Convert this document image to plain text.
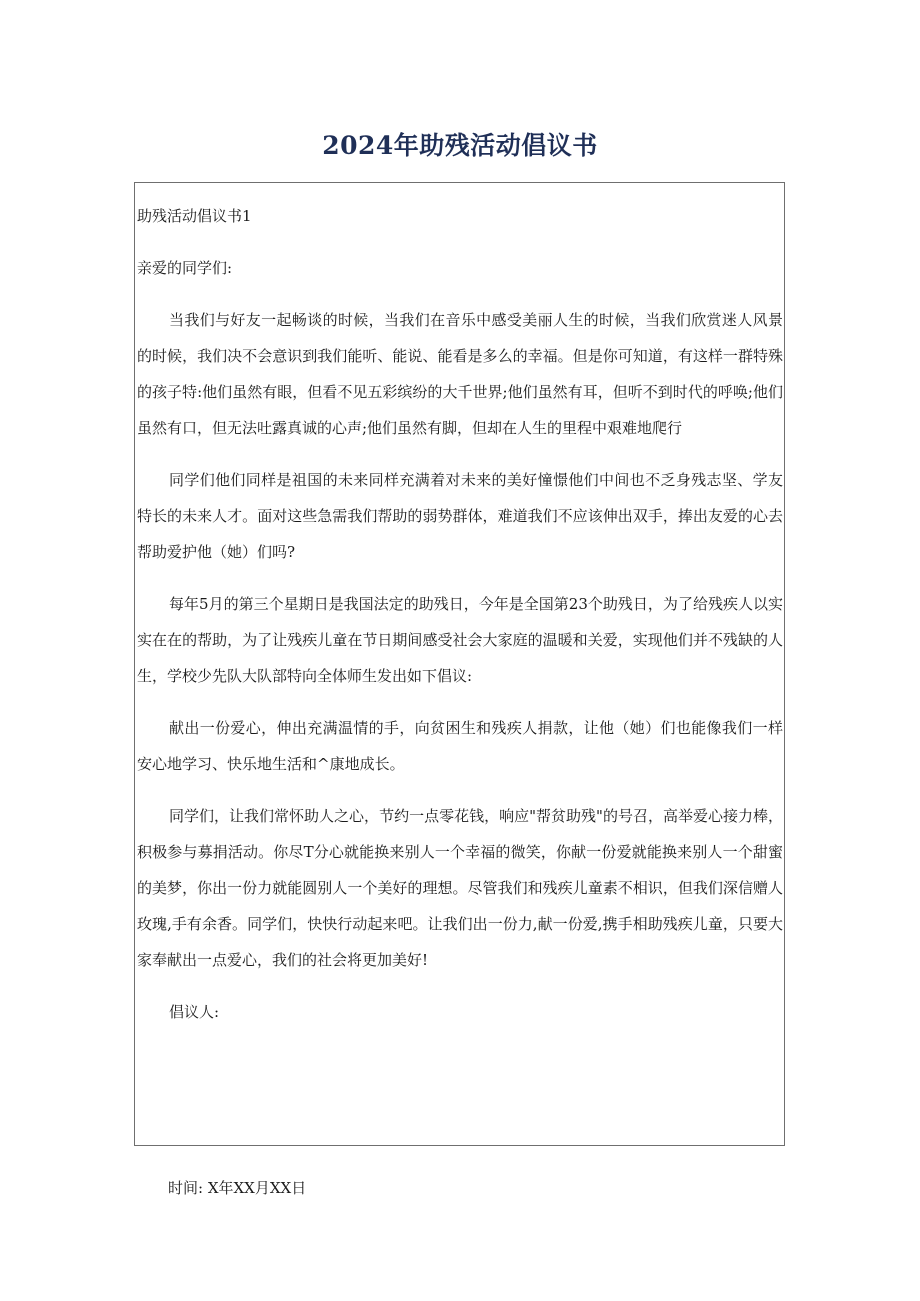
2024年助残活动倡议书

助残活动倡议书1

亲爱的同学们:

当我们与好友一起畅谈的时候，当我们在音乐中感受美丽人生的时候，当我们欣赏迷人风景的时候，我们决不会意识到我们能听、能说、能看是多么的幸福。但是你可知道，有这样一群特殊的孩子特:他们虽然有眼，但看不见五彩缤纷的大千世界;他们虽然有耳，但听不到时代的呼唤;他们虽然有口，但无法吐露真诚的心声;他们虽然有脚，但却在人生的里程中艰难地爬行

同学们他们同样是祖国的未来同样充满着对未来的美好憧憬他们中间也不乏身残志坚、学友特长的未来人才。面对这些急需我们帮助的弱势群体，难道我们不应该伸出双手，捧出友爱的心去帮助爱护他（她）们吗?

每年5月的第三个星期日是我国法定的助残日，今年是全国第23个助残日，为了给残疾人以实实在在的帮助，为了让残疾儿童在节日期间感受社会大家庭的温暖和关爱，实现他们并不残缺的人生，学校少先队大队部特向全体师生发出如下倡议:

献出一份爱心，伸出充满温情的手，向贫困生和残疾人捐款，让他（她）们也能像我们一样安心地学习、快乐地生活和^康地成长。

同学们，让我们常怀助人之心，节约一点零花钱，响应"帮贫助残"的号召，高举爱心接力棒，积极参与募捐活动。你尽T分心就能换来别人一个幸福的微笑，你献一份爱就能换来别人一个甜蜜的美梦，你出一份力就能圆别人一个美好的理想。尽管我们和残疾儿童素不相识，但我们深信赠人玫瑰,手有余香。同学们，快快行动起来吧。让我们出一份力,献一份爱,携手相助残疾儿童，只要大家奉献出一点爱心，我们的社会将更加美好!

倡议人:

时间: X年XX月XX日
